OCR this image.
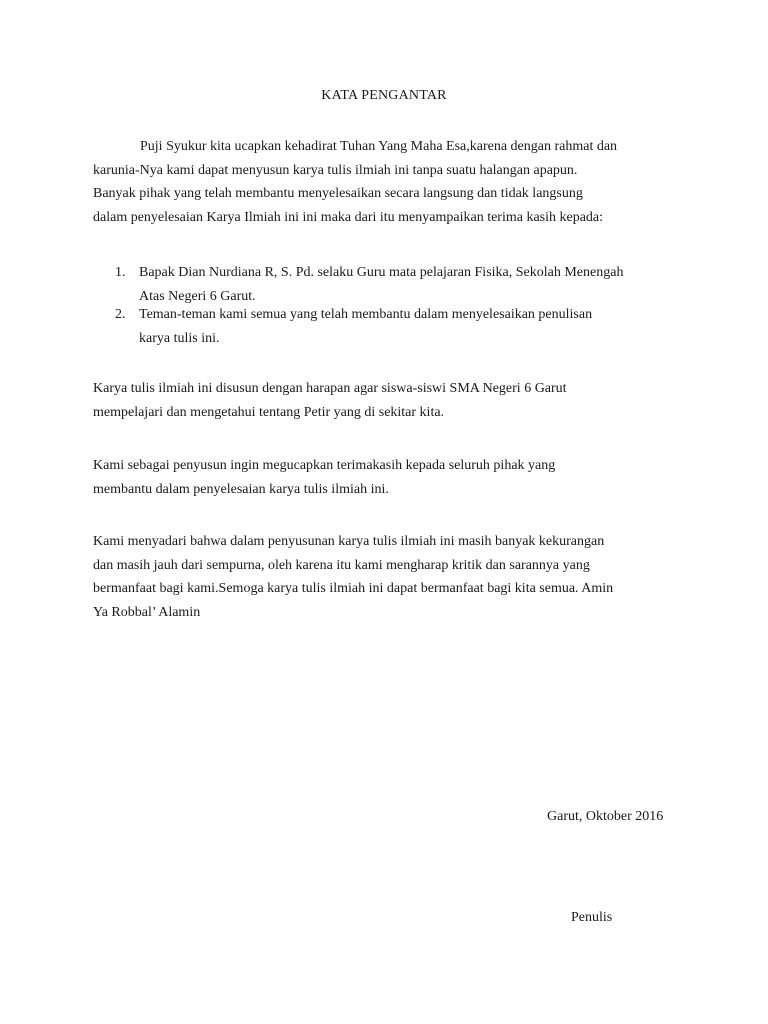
KATA PENGANTAR
Puji Syukur kita ucapkan kehadirat Tuhan Yang Maha Esa,karena dengan rahmat dan
karunia-Nya kami dapat menyusun karya tulis ilmiah ini tanpa suatu halangan apapun.
Banyak pihak yang telah membantu menyelesaikan secara langsung dan tidak langsung
dalam penyelesaian Karya Ilmiah ini ini maka dari itu menyampaikan terima kasih kepada:
1. Bapak Dian Nurdiana R, S. Pd. selaku Guru mata pelajaran Fisika, Sekolah Menengah
Atas Negeri 6 Garut.
2. Teman-teman kami semua yang telah membantu dalam menyelesaikan penulisan
karya tulis ini.
Karya tulis ilmiah ini disusun dengan harapan agar siswa-siswi SMA Negeri 6 Garut
mempelajari dan mengetahui tentang Petir yang di sekitar kita.
Kami sebagai penyusun ingin megucapkan terimakasih kepada seluruh pihak yang
membantu dalam penyelesaian karya tulis ilmiah ini.
Kami menyadari bahwa dalam penyusunan karya tulis ilmiah ini masih banyak kekurangan
dan masih jauh dari sempurna, oleh karena itu kami mengharap kritik dan sarannya yang
bermanfaat bagi kami.Semoga karya tulis ilmiah ini dapat bermanfaat bagi kita semua. Amin
Ya Robbal’ Alamin
Garut, Oktober 2016
Penulis
